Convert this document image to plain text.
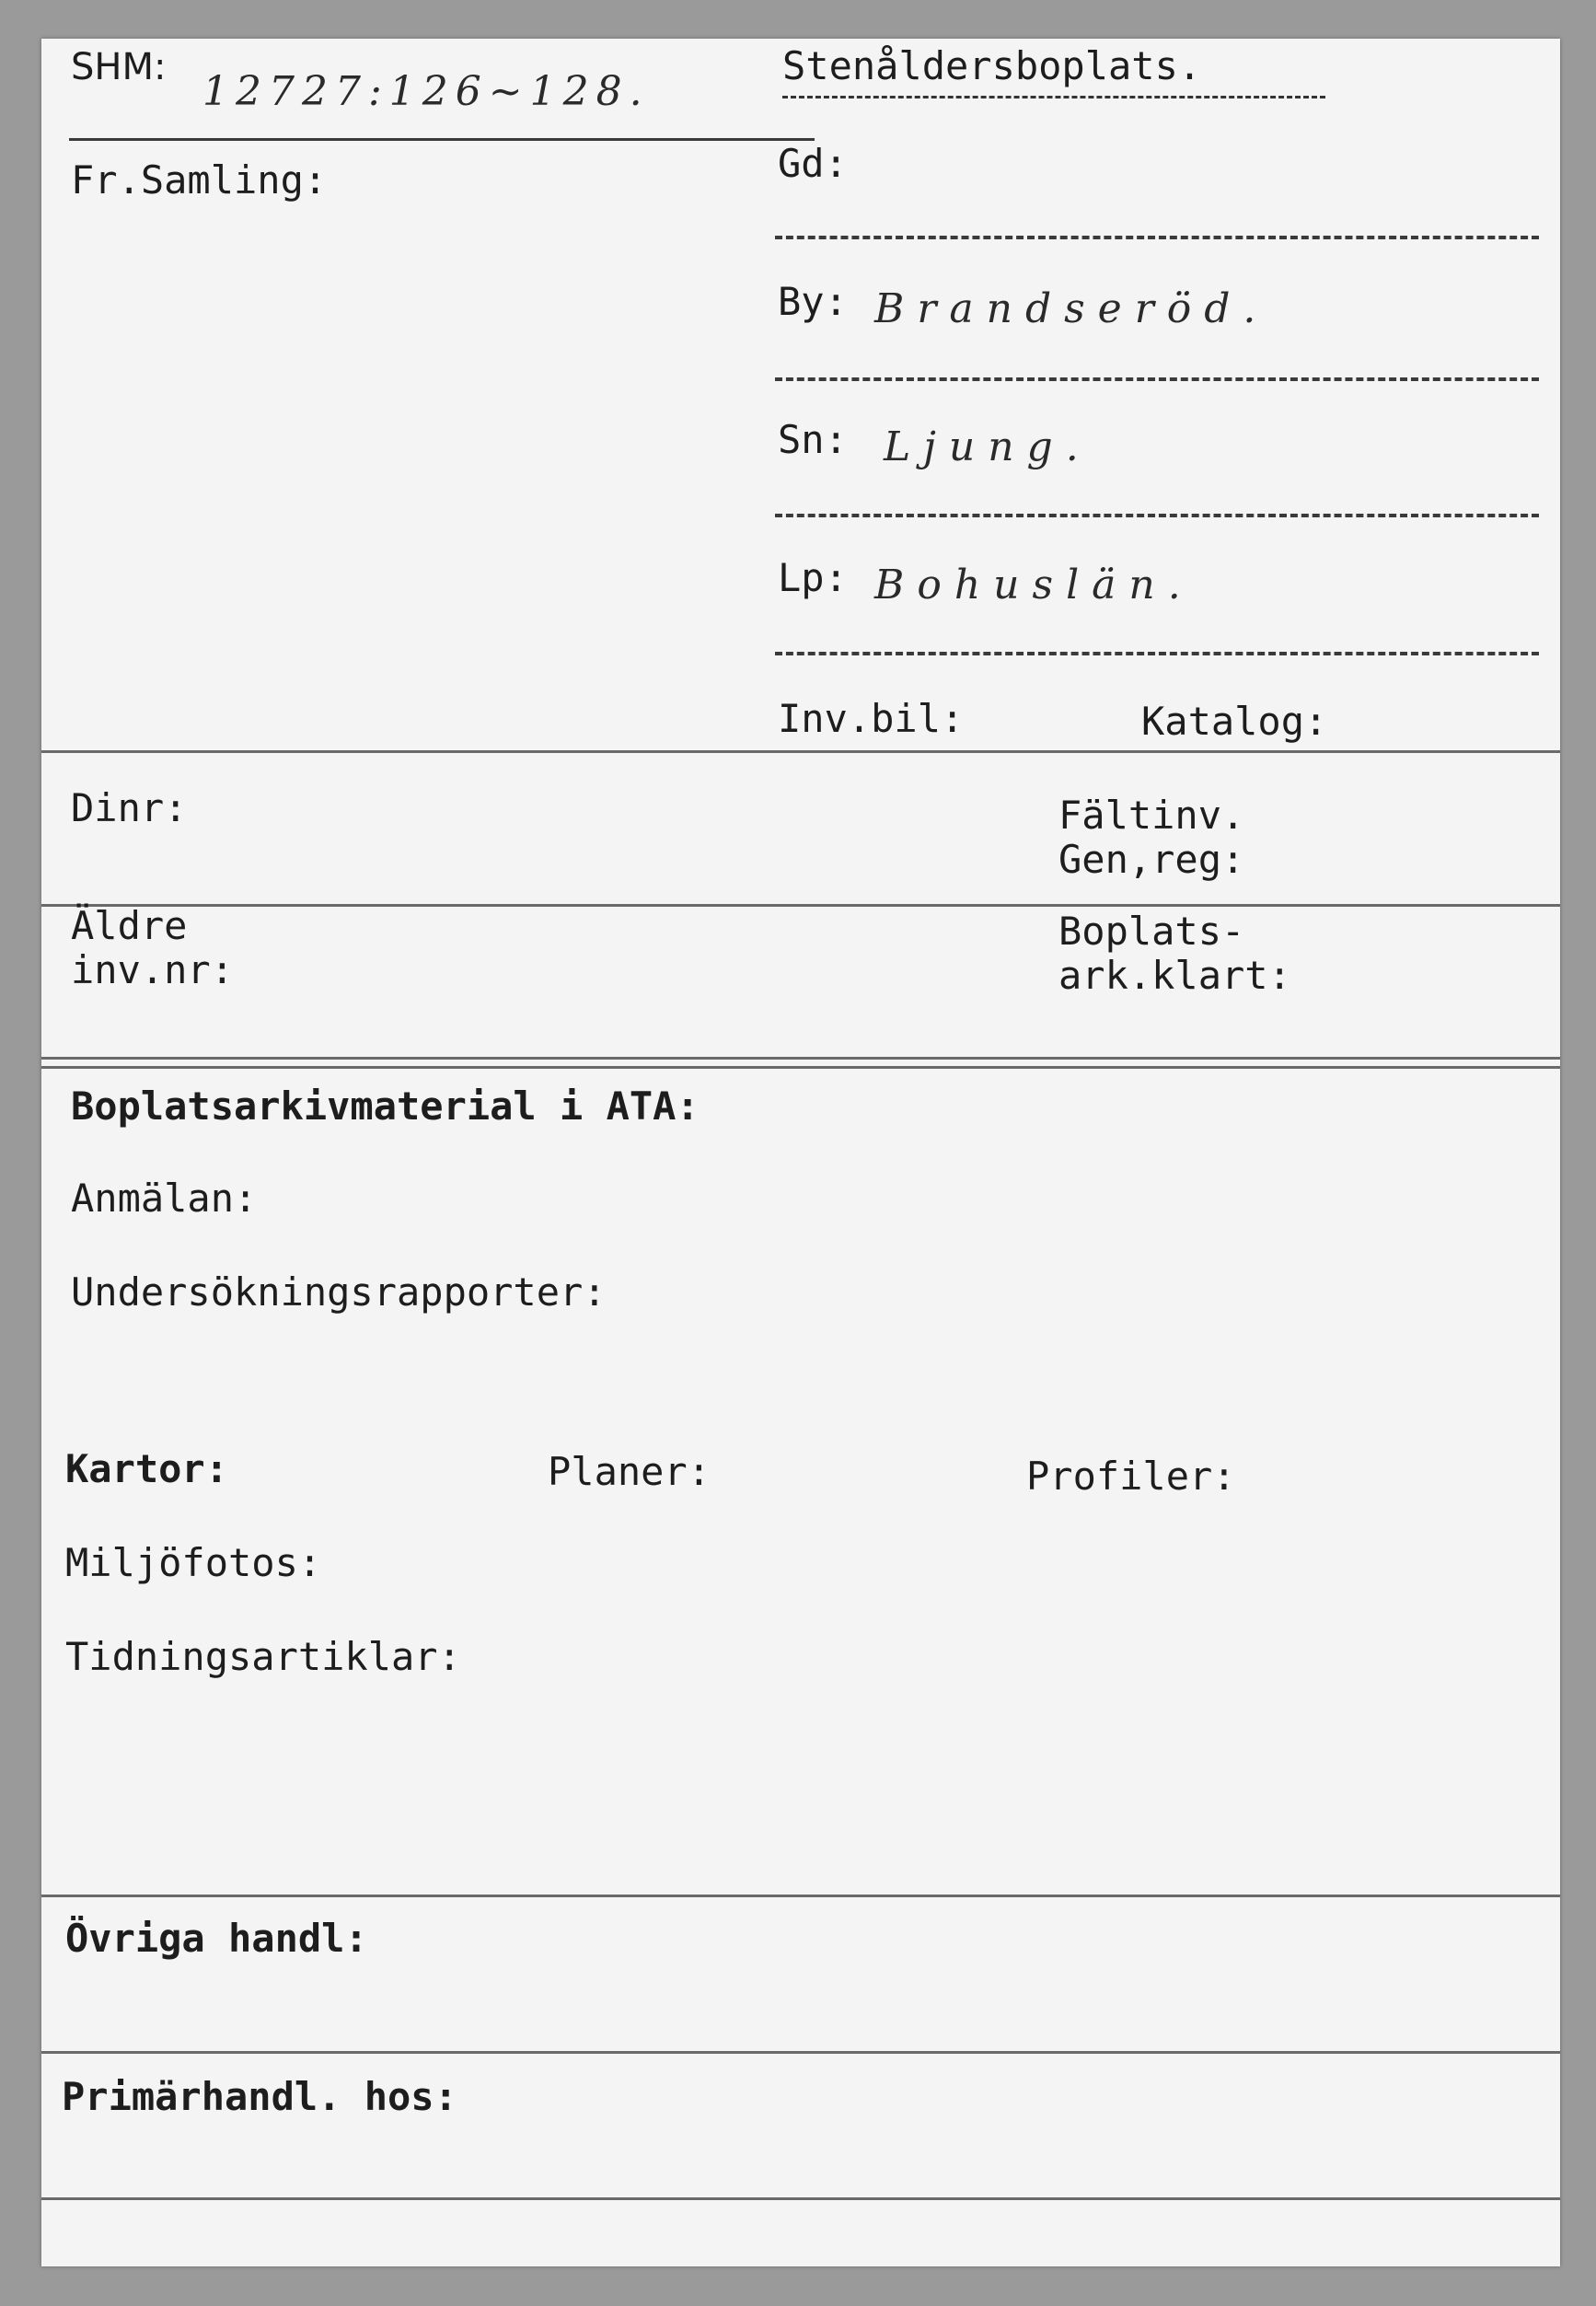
SHM:
12727:126~128.
Stenåldersboplats.
Fr.Samling:	Gd:
By: Brandseröd.
Sn: Ljung.
Lp: Bohuslän.
Inv.bil:	Katalog:
Dinr:	Fältinv.
Gen,reg:
Äldre
inv.nr:
Boplats-
ark.klart:
Boplatsarkivmaterial i ATA:
Anmälan:
Undersökningsrapporter:
Kartor:	Planer:	Profiler:
Miljöfotos:
Tidningsartiklar:
Övriga handl:
Primärhandl. hos:
